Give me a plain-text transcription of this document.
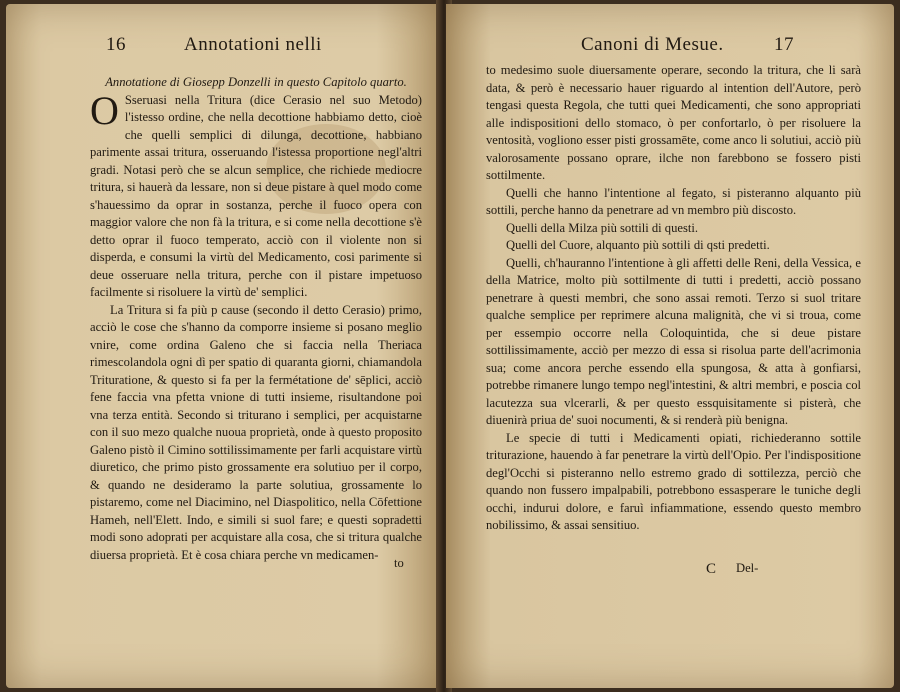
16	Annotationi nelli

Annotatione di Giosepp Donzelli in questo Capitolo quarto.

O Sseruasi nella Tritura (dice Cerasio nel suo Metodo) l'istesso ordine, che nella decottione habbiamo detto, cioè che quelli semplici di dilunga, decottione, habbiano parimente assai tritura, osseruando l'istessa proportione negl'altri gradi. Notasi però che se alcun semplice, che richiede mediocre tritura, si hauerà da lessare, non si deue pistare à quel modo come s'hauessimo da oprar in sostanza, perche il fuoco opera con maggior valore che non fà la tritura, e si come nella decottione s'è detto oprar il fuoco temperato, acciò con il violente non si disperda, e consumi la virtù del Medicamento, cosi parimente si deue osseruare nella tritura, perche con il pistare impetuoso facilmente si risoluere la virtù de' semplici.

La Tritura si fa più p cause (secondo il detto Cerasio) primo, acciò le cose che s'hanno da comporre insieme si posano meglio vnire, come ordina Galeno che si faccia nella Theriaca rimescolandola ogni dì per spatio di quaranta giorni, chiamandola Trituratione, & questo si fa per la fermétatione de' sēplici, acciò fene faccia vna pfetta vnione di tutti insieme, risultandone poi vna terza entità. Secondo si triturano i semplici, per acquistarne con il suo mezo qualche nuoua proprietà, onde à questo proposito Galeno pistò il Cimino sottilissimamente per farli acquistare virtù diuretico, che primo pisto grossamente era solutiuo per il corpo, & quando ne desideramo la parte solutiua, grossamente lo pistaremo, come nel Diacimino, nel Diaspolitico, nella Cōfettione Hameh, nell'Elett. Indo, e simili si suol fare; e questi sopradetti modi sono adoprati per acquistare alla cosa, che si tritura qualche diuersa proprietà. Et è cosa chiara perche vn medicamen-

to
Canoni di Mesue.	17

to medesimo suole diuersamente operare, secondo la tritura, che li sarà data, & però è necessario hauer riguardo al intention dell'Autore, però tengasi questa Regola, che tutti quei Medicamenti, che sono appropriati alle indispositioni dello stomaco, ò per confortarlo, ò per risoluere la ventosità, vogliono esser pisti grossamēte, come anco li solutiui, acciò più valorosamente possano oprare, ilche non farebbono se fossero pisti sottilmente.

Quelli che hanno l'intentione al fegato, si pisteranno alquanto più sottili, perche hanno da penetrare ad vn membro più discosto.

Quelli della Milza più sottili di questi.

Quelli del Cuore, alquanto più sottili di qsti predetti.

Quelli, ch'hauranno l'intentione à gli affetti delle Reni, della Vessica, e della Matrice, molto più sottilmente di tutti i predetti, acciò possano penetrare à questi membri, che sono assai remoti. Terzo si suol tritare qualche semplice per reprimere alcuna malignità, che vi si troua, come per essempio occorre nella Coloquintida, che si deue pistare sottilissimamente, acciò per mezzo di essa si risolua parte dell'acrimonia sua; come ancora perche essendo ella spungosa, & atta à gonfiarsi, potrebbe rimanere lungo tempo negl'intestini, & altri membri, e poscia col lacutezza sua vlcerarli, & per questo essquisitamente si pisterà, che diuenirà priua de' suoi nocumenti, & si renderà più benigna.

Le specie di tutti i Medicamenti opiati, richiederanno sottile triturazione, hauendo à far penetrare la virtù dell'Opio. Per l'indispositione degl'Occhi si pisteranno nello estremo grado di sottilezza, perciò che quando non fussero impalpabili, potrebbono essasperare le tuniche degli occhi, indurui dolore, e faruì infiammatione, essendo questo membro nobilissimo, & assai sensitiuo.

C Del-
